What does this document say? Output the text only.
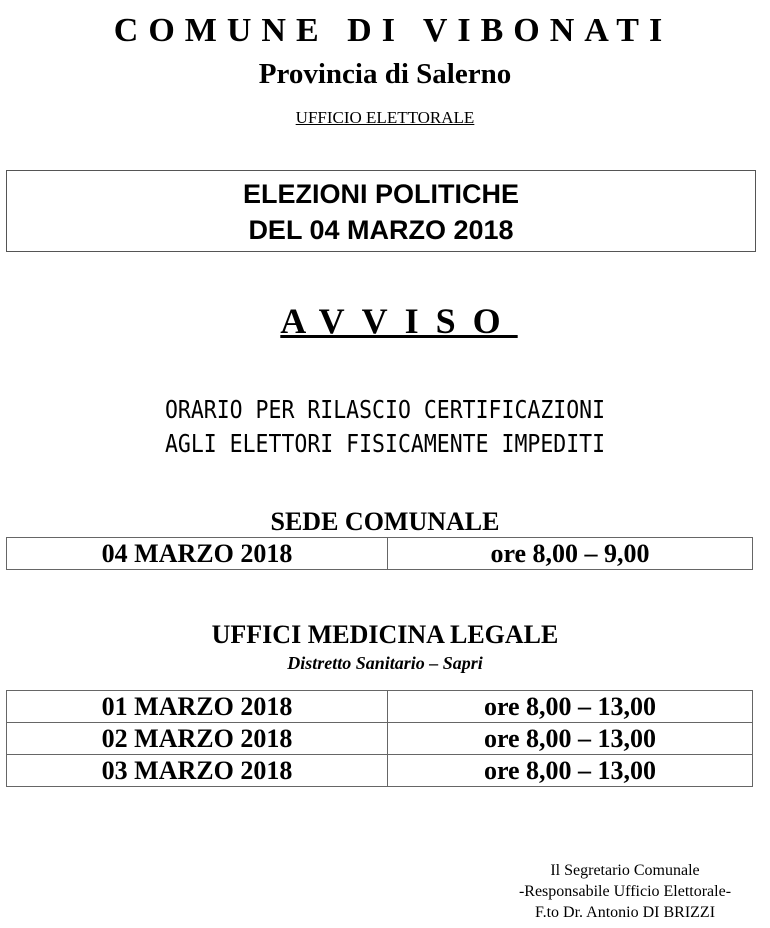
COMUNE DI VIBONATI
Provincia di Salerno
UFFICIO ELETTORALE
ELEZIONI POLITICHE
DEL 04 MARZO 2018
AVVISO
ORARIO PER RILASCIO CERTIFICAZIONI
AGLI ELETTORI FISICAMENTE IMPEDITI
SEDE COMUNALE
04 MARZO 2018	ore 8,00 – 9,00
UFFICI MEDICINA LEGALE
Distretto Sanitario – Sapri
01 MARZO 2018	ore 8,00 – 13,00
02 MARZO 2018	ore 8,00 – 13,00
03 MARZO 2018	ore 8,00 – 13,00
Il Segretario Comunale
-Responsabile Ufficio Elettorale-
F.to Dr. Antonio DI BRIZZI
